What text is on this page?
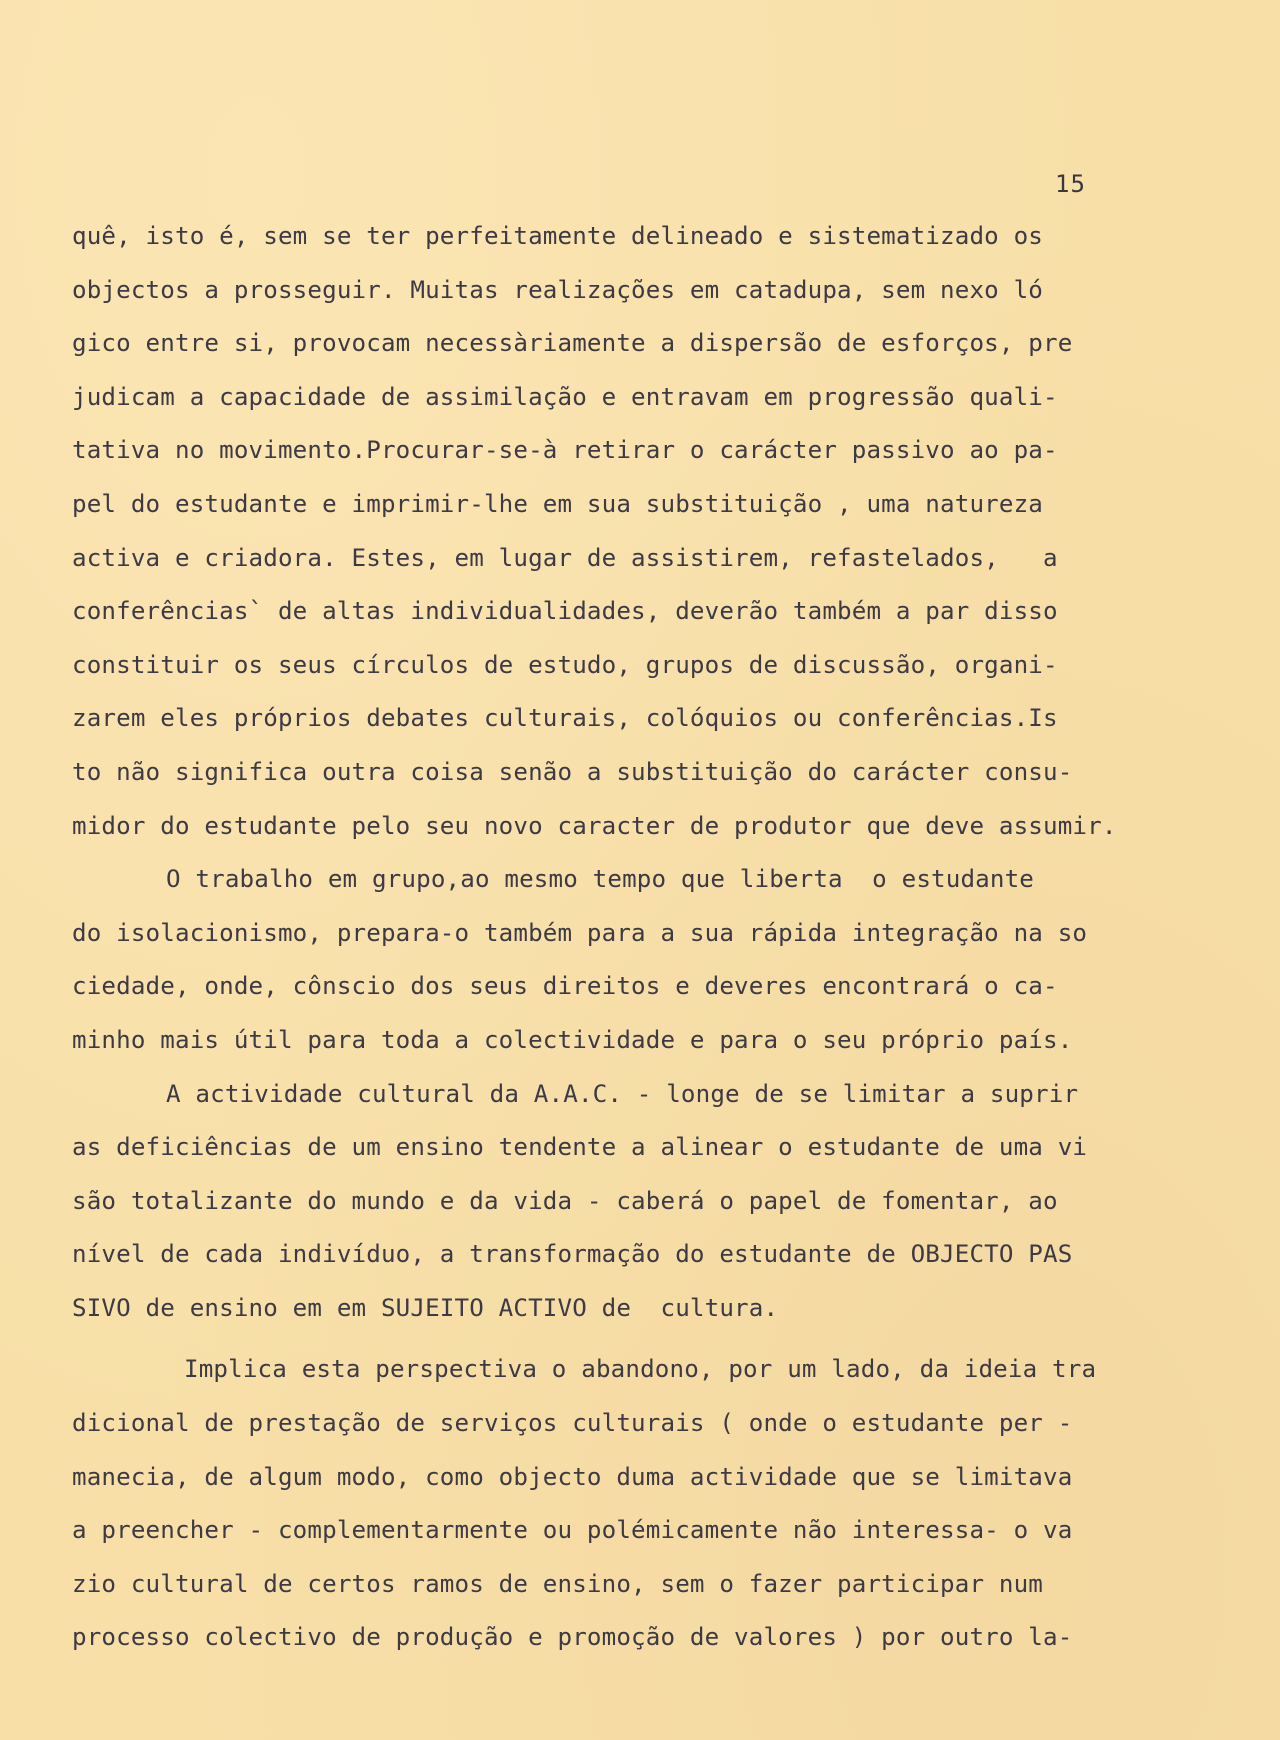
15
quê, isto é, sem se ter perfeitamente delineado e sistematizado os
objectos a prosseguir. Muitas realizações em catadupa, sem nexo ló
gico entre si, provocam necessàriamente a dispersão de esforços, pre
judicam a capacidade de assimilação e entravam em progressão quali-
tativa no movimento.Procurar-se-à retirar o carácter passivo ao pa-
pel do estudante e imprimir-lhe em sua substituição , uma natureza
activa e criadora. Estes, em lugar de assistirem, refastelados,   a
conferências` de altas individualidades, deverão também a par disso
constituir os seus círculos de estudo, grupos de discussão, organi-
zarem eles próprios debates culturais, colóquios ou conferências.Is
to não significa outra coisa senão a substituição do carácter consu-
midor do estudante pelo seu novo caracter de produtor que deve assumir.
O trabalho em grupo,ao mesmo tempo que liberta  o estudante
do isolacionismo, prepara-o também para a sua rápida integração na so
ciedade, onde, cônscio dos seus direitos e deveres encontrará o ca-
minho mais útil para toda a colectividade e para o seu próprio país.
A actividade cultural da A.A.C. - longe de se limitar a suprir
as deficiências de um ensino tendente a alinear o estudante de uma vi
são totalizante do mundo e da vida - caberá o papel de fomentar, ao
nível de cada indivíduo, a transformação do estudante de OBJECTO PAS
SIVO de ensino em em SUJEITO ACTIVO de  cultura.
Implica esta perspectiva o abandono, por um lado, da ideia tra
dicional de prestação de serviços culturais ( onde o estudante per -
manecia, de algum modo, como objecto duma actividade que se limitava
a preencher - complementarmente ou polémicamente não interessa- o va
zio cultural de certos ramos de ensino, sem o fazer participar num
processo colectivo de produção e promoção de valores ) por outro la-
